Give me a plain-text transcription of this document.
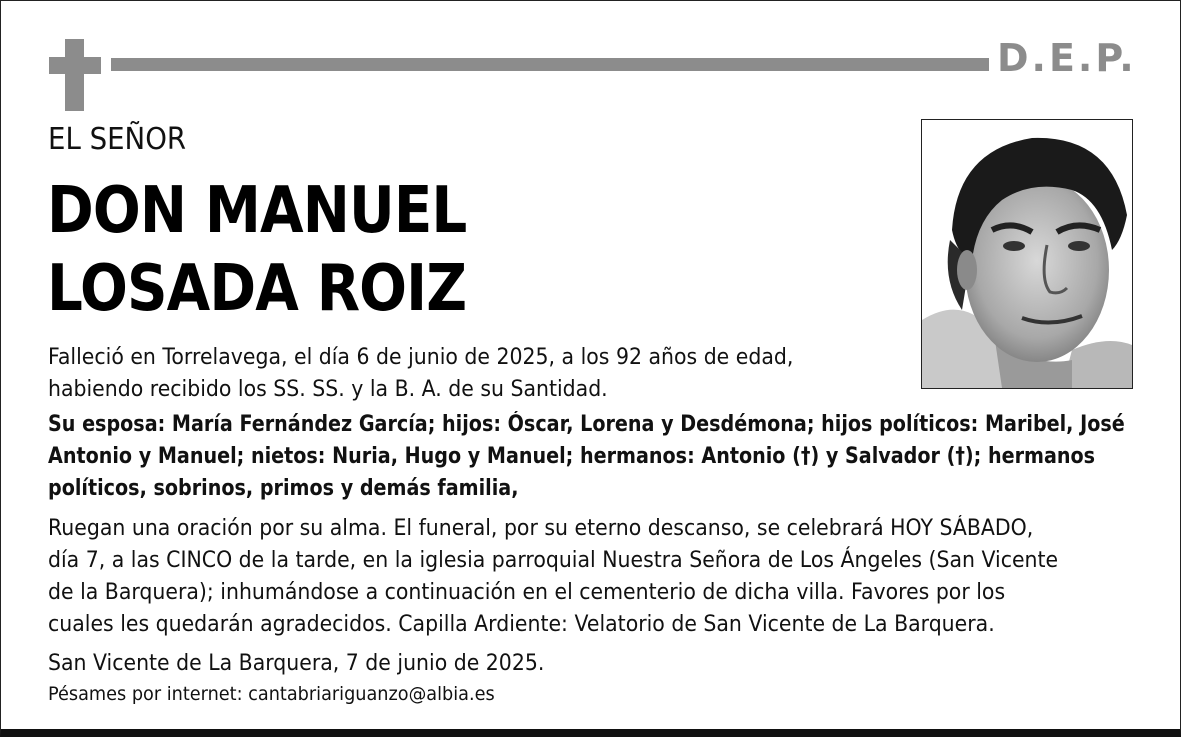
D.E.P.
EL SEÑOR
DON MANUEL
LOSADA ROIZ
Falleció en Torrelavega, el día 6 de junio de 2025, a los 92 años de edad,
habiendo recibido los SS. SS. y la B. A. de su Santidad.
Su esposa: María Fernández García; hijos: Óscar, Lorena y Desdémona; hijos políticos: Maribel, José
Antonio y Manuel; nietos: Nuria, Hugo y Manuel; hermanos: Antonio (†) y Salvador (†); hermanos
políticos, sobrinos, primos y demás familia,
Ruegan una oración por su alma. El funeral, por su eterno descanso, se celebrará HOY SÁBADO,
día 7, a las CINCO de la tarde, en la iglesia parroquial Nuestra Señora de Los Ángeles (San Vicente
de la Barquera); inhumándose a continuación en el cementerio de dicha villa. Favores por los
cuales les quedarán agradecidos. Capilla Ardiente: Velatorio de San Vicente de La Barquera.
San Vicente de La Barquera, 7 de junio de 2025.
Pésames por internet: cantabriariguanzo@albia.es
